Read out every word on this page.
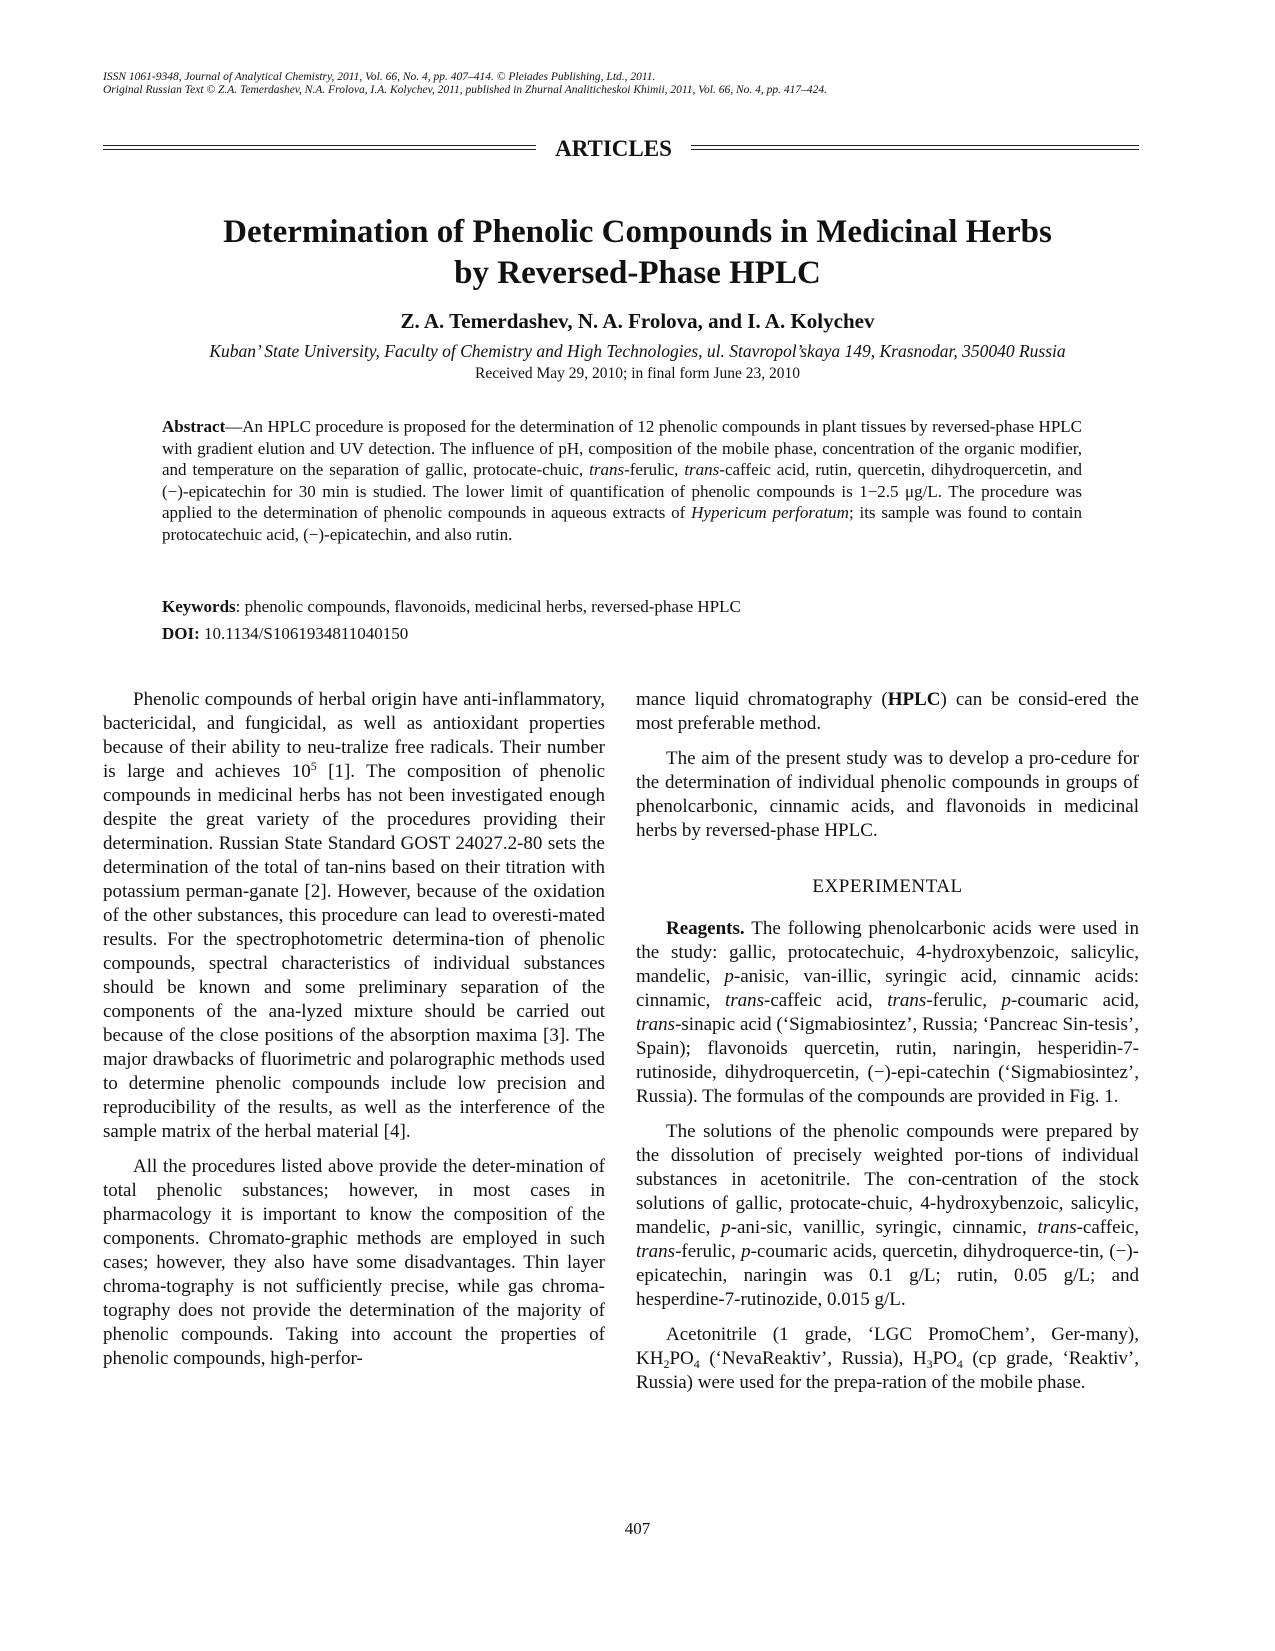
ISSN 1061-9348, Journal of Analytical Chemistry, 2011, Vol. 66, No. 4, pp. 407–414. © Pleiades Publishing, Ltd., 2011.
Original Russian Text © Z.A. Temerdashev, N.A. Frolova, I.A. Kolychev, 2011, published in Zhurnal Analiticheskoi Khimii, 2011, Vol. 66, No. 4, pp. 417–424.
ARTICLES
Determination of Phenolic Compounds in Medicinal Herbs
by Reversed-Phase HPLC
Z. A. Temerdashev, N. A. Frolova, and I. A. Kolychev
Kuban’ State University, Faculty of Chemistry and High Technologies, ul. Stavropol’skaya 149, Krasnodar, 350040 Russia
Received May 29, 2010; in final form June 23, 2010
Abstract—An HPLC procedure is proposed for the determination of 12 phenolic compounds in plant tissues by reversed-phase HPLC with gradient elution and UV detection. The influence of pH, composition of the mobile phase, concentration of the organic modifier, and temperature on the separation of gallic, protocate-chuic, trans-ferulic, trans-caffeic acid, rutin, quercetin, dihydroquercetin, and (−)-epicatechin for 30 min is studied. The lower limit of quantification of phenolic compounds is 1−2.5 μg/L. The procedure was applied to the determination of phenolic compounds in aqueous extracts of Hypericum perforatum; its sample was found to contain protocatechuic acid, (−)-epicatechin, and also rutin.
Keywords: phenolic compounds, flavonoids, medicinal herbs, reversed-phase HPLC
DOI: 10.1134/S1061934811040150

Phenolic compounds of herbal origin have anti-inflammatory, bactericidal, and fungicidal, as well as antioxidant properties because of their ability to neu-tralize free radicals. Their number is large and achieves $10^5$ [1]. The composition of phenolic compounds in medicinal herbs has not been investigated enough despite the great variety of the procedures providing their determination. Russian State Standard GOST 24027.2-80 sets the determination of the total of tan-nins based on their titration with potassium perman-ganate [2]. However, because of the oxidation of the other substances, this procedure can lead to overesti-mated results. For the spectrophotometric determina-tion of phenolic compounds, spectral characteristics of individual substances should be known and some preliminary separation of the components of the ana-lyzed mixture should be carried out because of the close positions of the absorption maxima [3]. The major drawbacks of fluorimetric and polarographic methods used to determine phenolic compounds include low precision and reproducibility of the results, as well as the interference of the sample matrix of the herbal material [4].

All the procedures listed above provide the deter-mination of total phenolic substances; however, in most cases in pharmacology it is important to know the composition of the components. Chromato-graphic methods are employed in such cases; however, they also have some disadvantages. Thin layer chroma-tography is not sufficiently precise, while gas chroma-tography does not provide the determination of the majority of phenolic compounds. Taking into account the properties of phenolic compounds, high-perfor-

mance liquid chromatography (HPLC) can be consid-ered the most preferable method.

The aim of the present study was to develop a pro-cedure for the determination of individual phenolic compounds in groups of phenolcarbonic, cinnamic acids, and flavonoids in medicinal herbs by reversed-phase HPLC.

EXPERIMENTAL

Reagents. The following phenolcarbonic acids were used in the study: gallic, protocatechuic, 4-hydroxybenzoic, salicylic, mandelic, p-anisic, van-illic, syringic acid, cinnamic acids: cinnamic, trans-caffeic acid, trans-ferulic, p-coumaric acid, trans-sinapic acid (‘Sigmabiosintez’, Russia; ‘Pancreac Sin-tesis’, Spain); flavonoids quercetin, rutin, naringin, hesperidin-7-rutinoside, dihydroquercetin, (−)-epi-catechin (‘Sigmabiosintez’, Russia). The formulas of the compounds are provided in Fig. 1.

The solutions of the phenolic compounds were prepared by the dissolution of precisely weighted por-tions of individual substances in acetonitrile. The con-centration of the stock solutions of gallic, protocate-chuic, 4-hydroxybenzoic, salicylic, mandelic, p-ani-sic, vanillic, syringic, cinnamic, trans-caffeic, trans-ferulic, p-coumaric acids, quercetin, dihydroquerce-tin, (−)-epicatechin, naringin was 0.1 g/L; rutin, 0.05 g/L; and hesperdine-7-rutinozide, 0.015 g/L.

Acetonitrile (1 grade, ‘LGC PromoChem’, Ger-many), $KH_2PO_4$ (‘NevaReaktiv’, Russia), $H_3PO_4$ (cp grade, ‘Reaktiv’, Russia) were used for the prepa-ration of the mobile phase.

407
